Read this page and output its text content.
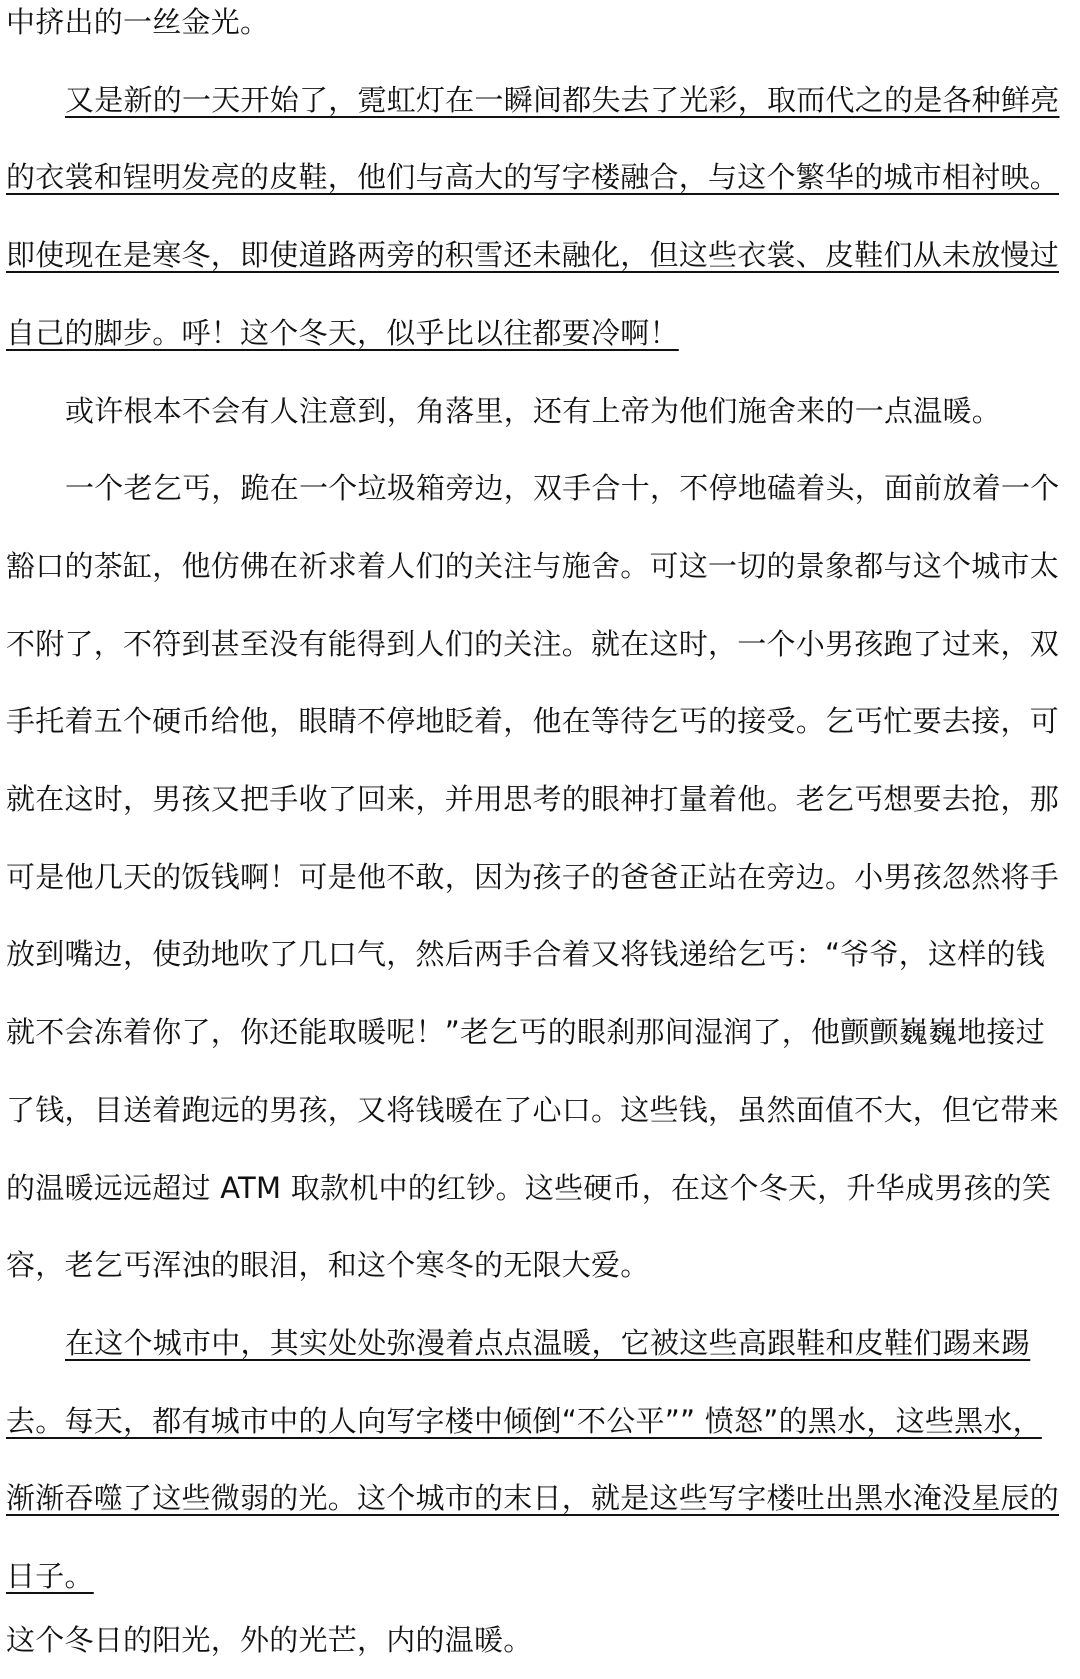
中挤出的一丝金光。

又是新的一天开始了，霓虹灯在一瞬间都失去了光彩，取而代之的是各种鲜亮的衣裳和锃明发亮的皮鞋，他们与高大的写字楼融合，与这个繁华的城市相衬映。即使现在是寒冬，即使道路两旁的积雪还未融化，但这些衣裳、皮鞋们从未放慢过自己的脚步。呼！这个冬天，似乎比以往都要冷啊！

或许根本不会有人注意到，角落里，还有上帝为他们施舍来的一点温暖。

一个老乞丐，跪在一个垃圾箱旁边，双手合十，不停地磕着头，面前放着一个豁口的茶缸，他仿佛在祈求着人们的关注与施舍。可这一切的景象都与这个城市太不附了，不符到甚至没有能得到人们的关注。就在这时，一个小男孩跑了过来，双手托着五个硬币给他，眼睛不停地眨着，他在等待乞丐的接受。乞丐忙要去接，可就在这时，男孩又把手收了回来，并用思考的眼神打量着他。老乞丐想要去抢，那可是他几天的饭钱啊！可是他不敢，因为孩子的爸爸正站在旁边。小男孩忽然将手放到嘴边，使劲地吹了几口气，然后两手合着又将钱递给乞丐：“爷爷，这样的钱就不会冻着你了，你还能取暖呢！”老乞丐的眼刹那间湿润了，他颤颤巍巍地接过了钱，目送着跑远的男孩，又将钱暖在了心口。这些钱，虽然面值不大，但它带来的温暖远远超过 ATM 取款机中的红钞。这些硬币，在这个冬天，升华成男孩的笑容，老乞丐浑浊的眼泪，和这个寒冬的无限大爱。

在这个城市中，其实处处弥漫着点点温暖，它被这些高跟鞋和皮鞋们踢来踢去。每天，都有城市中的人向写字楼中倾倒“不公平”” 愤怒”的黑水，这些黑水，渐渐吞噬了这些微弱的光。这个城市的末日，就是这些写字楼吐出黑水淹没星辰的日子。

这个冬日的阳光，外的光芒，内的温暖。
